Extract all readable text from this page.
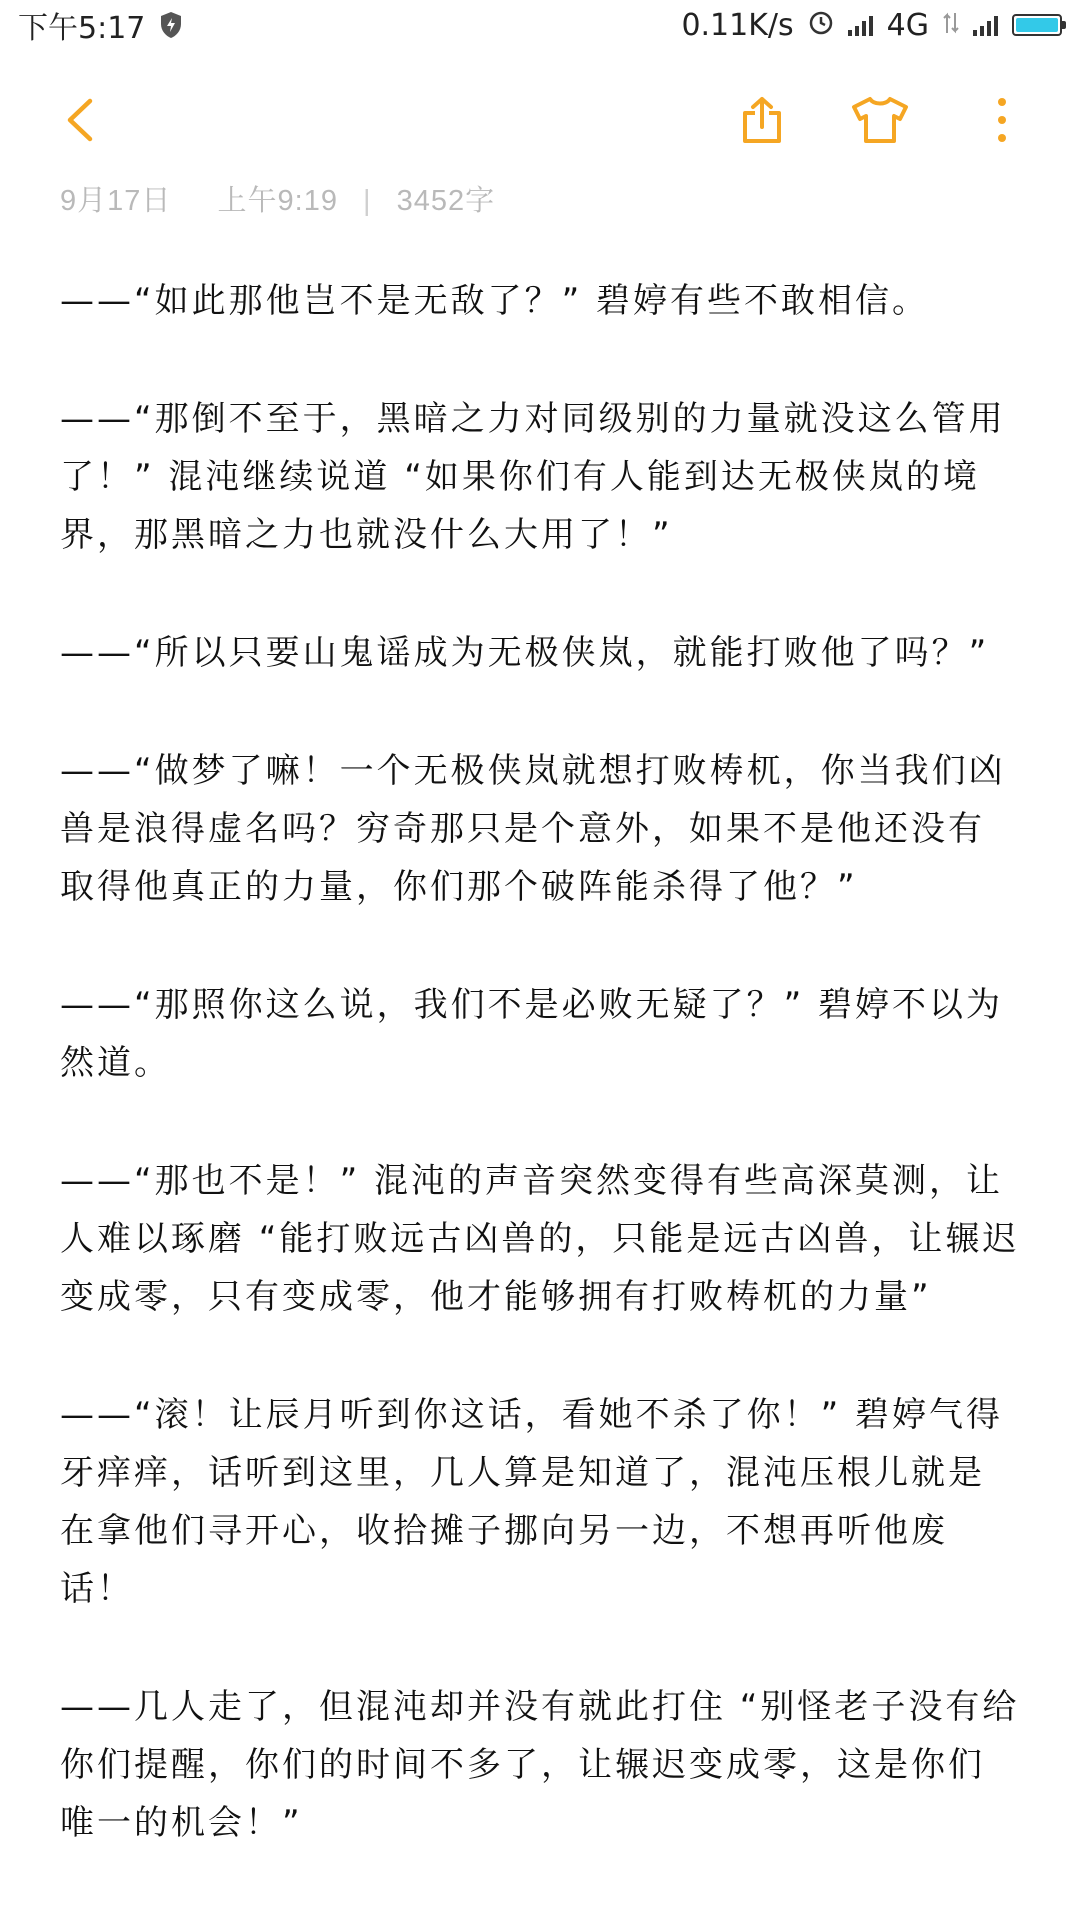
下午5:17	0.11K/s	4G
9月17日 上午9:19 | 3452字

——“如此那他岂不是无敌了？” 碧婷有些不敢相信。

——“那倒不至于，黑暗之力对同级别的力量就没这么管用了！” 混沌继续说道 “如果你们有人能到达无极侠岚的境界，那黑暗之力也就没什么大用了！”

——“所以只要山鬼谣成为无极侠岚，就能打败他了吗？”

——“做梦了嘛！一个无极侠岚就想打败梼杌，你当我们凶兽是浪得虚名吗？穷奇那只是个意外，如果不是他还没有取得他真正的力量，你们那个破阵能杀得了他？”

——“那照你这么说，我们不是必败无疑了？” 碧婷不以为然道。

——“那也不是！” 混沌的声音突然变得有些高深莫测，让人难以琢磨 “能打败远古凶兽的，只能是远古凶兽，让辗迟变成零，只有变成零，他才能够拥有打败梼杌的力量”

——“滚！让辰月听到你这话，看她不杀了你！” 碧婷气得牙痒痒，话听到这里，几人算是知道了，混沌压根儿就是在拿他们寻开心，收拾摊子挪向另一边，不想再听他废话！

——几人走了，但混沌却并没有就此打住 “别怪老子没有给你们提醒，你们的时间不多了，让辗迟变成零，这是你们唯一的机会！”
